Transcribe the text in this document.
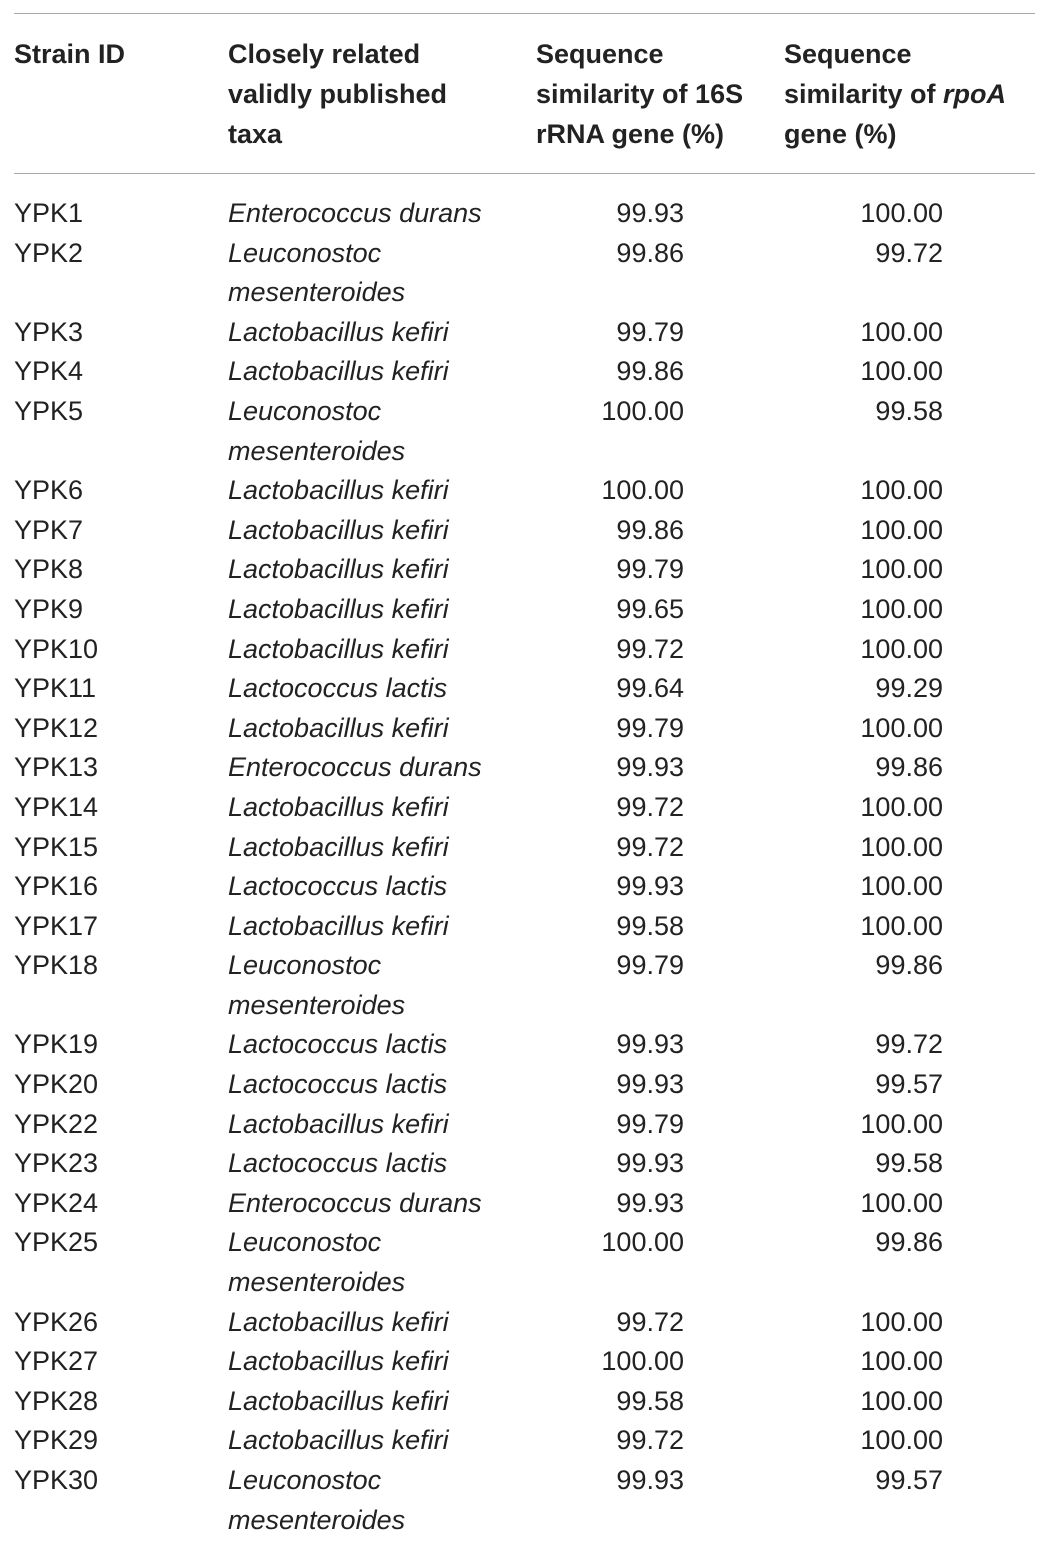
Strain ID	Closely related validly published taxa	Sequence similarity of 16S rRNA gene (%)	Sequence similarity of rpoA gene (%)
YPK1	Enterococcus durans	99.93	100.00
YPK2	Leuconostoc mesenteroides	99.86	99.72
YPK3	Lactobacillus kefiri	99.79	100.00
YPK4	Lactobacillus kefiri	99.86	100.00
YPK5	Leuconostoc mesenteroides	100.00	99.58
YPK6	Lactobacillus kefiri	100.00	100.00
YPK7	Lactobacillus kefiri	99.86	100.00
YPK8	Lactobacillus kefiri	99.79	100.00
YPK9	Lactobacillus kefiri	99.65	100.00
YPK10	Lactobacillus kefiri	99.72	100.00
YPK11	Lactococcus lactis	99.64	99.29
YPK12	Lactobacillus kefiri	99.79	100.00
YPK13	Enterococcus durans	99.93	99.86
YPK14	Lactobacillus kefiri	99.72	100.00
YPK15	Lactobacillus kefiri	99.72	100.00
YPK16	Lactococcus lactis	99.93	100.00
YPK17	Lactobacillus kefiri	99.58	100.00
YPK18	Leuconostoc mesenteroides	99.79	99.86
YPK19	Lactococcus lactis	99.93	99.72
YPK20	Lactococcus lactis	99.93	99.57
YPK22	Lactobacillus kefiri	99.79	100.00
YPK23	Lactococcus lactis	99.93	99.58
YPK24	Enterococcus durans	99.93	100.00
YPK25	Leuconostoc mesenteroides	100.00	99.86
YPK26	Lactobacillus kefiri	99.72	100.00
YPK27	Lactobacillus kefiri	100.00	100.00
YPK28	Lactobacillus kefiri	99.58	100.00
YPK29	Lactobacillus kefiri	99.72	100.00
YPK30	Leuconostoc mesenteroides	99.93	99.57
